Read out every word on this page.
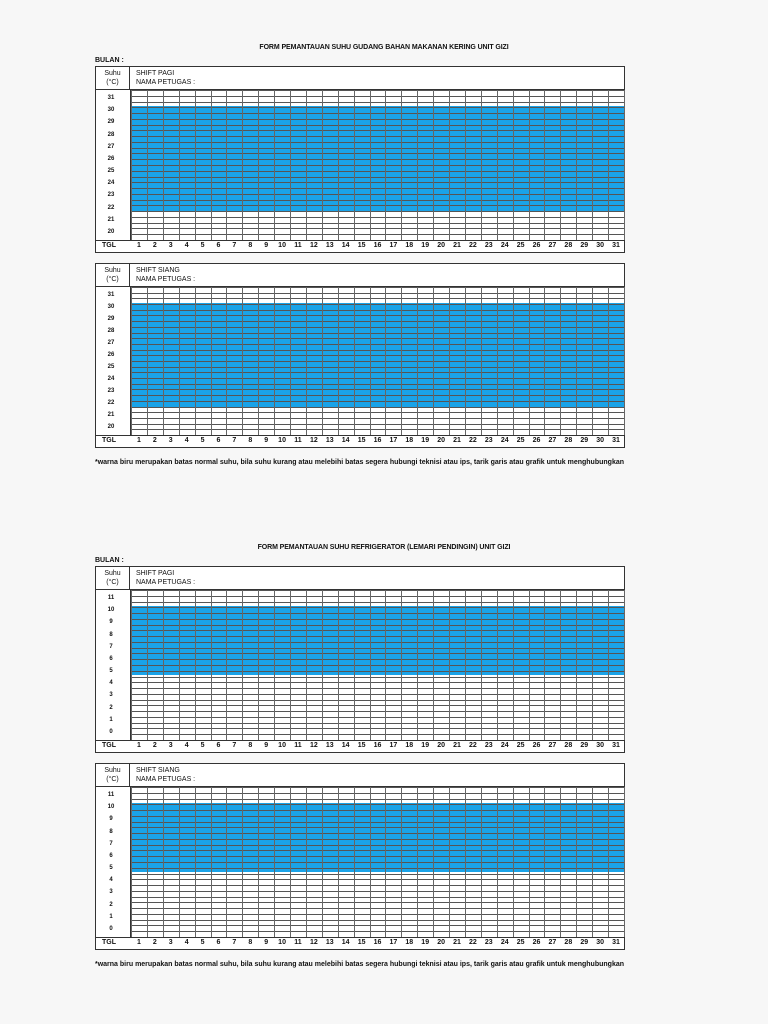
FORM PEMANTAUAN SUHU GUDANG BAHAN MAKANAN KERING UNIT GIZI
BULAN :
Suhu
(°C)
SHIFT PAGI
NAMA PETUGAS :
31
30
29
28
27
26
25
24
23
22
21
20
TGL	1	2	3	4	5	6	7	8	9	10	11	12	13	14	15	16	17	18	19	20	21	22	23	24	25	26	27	28	29	30	31
Suhu
(°C)
SHIFT SIANG
NAMA PETUGAS :
31
30
29
28
27
26
25
24
23
22
21
20
TGL	1	2	3	4	5	6	7	8	9	10	11	12	13	14	15	16	17	18	19	20	21	22	23	24	25	26	27	28	29	30	31
*warna biru merupakan batas normal suhu, bila suhu kurang atau melebihi batas segera hubungi teknisi atau ips, tarik garis atau grafik untuk menghubungkan
FORM PEMANTAUAN SUHU REFRIGERATOR (LEMARI PENDINGIN) UNIT GIZI
BULAN :
Suhu
(°C)
SHIFT PAGI
NAMA PETUGAS :
11
10
9
8
7
6
5
4
3
2
1
0
TGL	1	2	3	4	5	6	7	8	9	10	11	12	13	14	15	16	17	18	19	20	21	22	23	24	25	26	27	28	29	30	31
Suhu
(°C)
SHIFT SIANG
NAMA PETUGAS :
11
10
9
8
7
6
5
4
3
2
1
0
TGL	1	2	3	4	5	6	7	8	9	10	11	12	13	14	15	16	17	18	19	20	21	22	23	24	25	26	27	28	29	30	31
*warna biru merupakan batas normal suhu, bila suhu kurang atau melebihi batas segera hubungi teknisi atau ips, tarik garis atau grafik untuk menghubungkan
